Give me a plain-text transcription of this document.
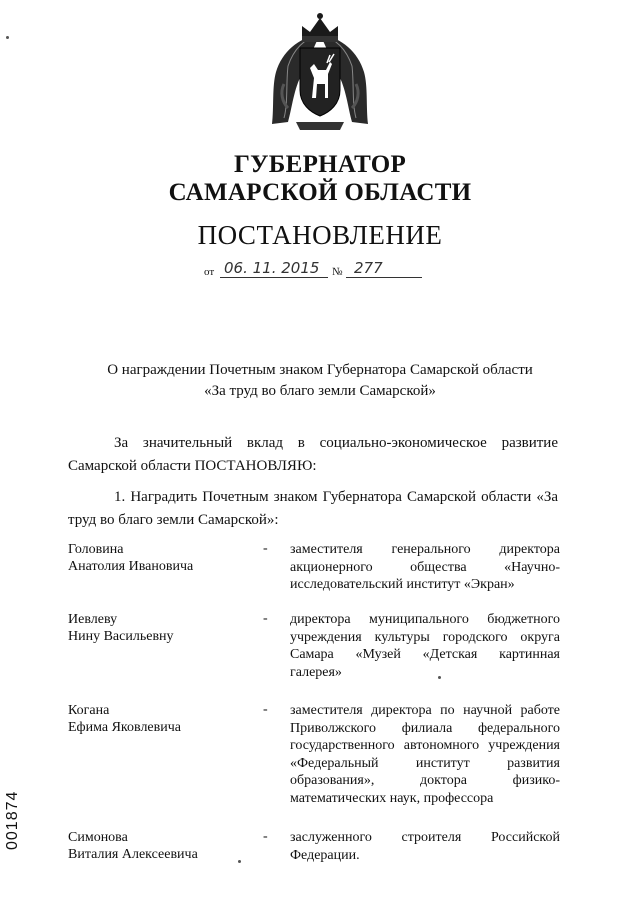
ГУБЕРНАТОР
САМАРСКОЙ ОБЛАСТИ
ПОСТАНОВЛЕНИЕ
от 06. 11. 2015 № 277
О награждении Почетным знаком Губернатора Самарской области
«За труд во благо земли Самарской»
За значительный вклад в социально-экономическое развитие Самарской области ПОСТАНОВЛЯЮ:
1. Наградить Почетным знаком Губернатора Самарской области «За труд во благо земли Самарской»:
Головина
Анатолия Ивановича
- заместителя генерального директора акционерного общества «Научно-исследовательский институт «Экран»
Иевлеву
Нину Васильевну
- директора муниципального бюджетного учреждения культуры городского округа Самара «Музей «Детская картинная галерея»
Когана
Ефима Яковлевича
- заместителя директора по научной работе Приволжского филиала федерального государственного автономного учреждения «Федеральный институт развития образования», доктора физико-математических наук, профессора
Симонова
Виталия Алексеевича
- заслуженного строителя Российской Федерации.
001874
